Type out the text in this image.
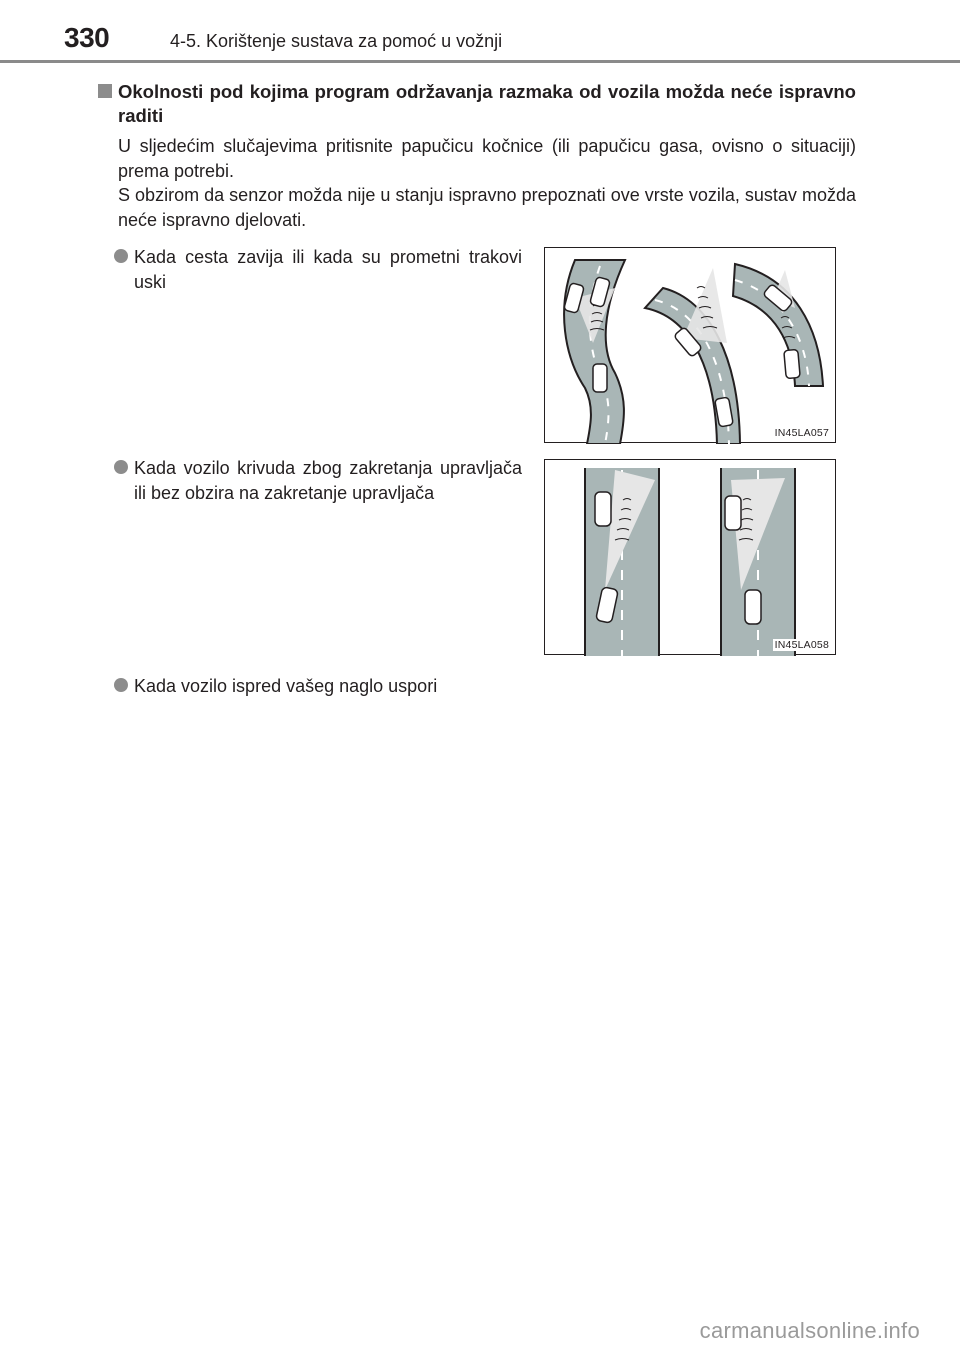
330	4-5. Korištenje sustava za pomoć u vožnji
Okolnosti pod kojima program održavanja razmaka od vozila možda neće ispravno raditi

U sljedećim slučajevima pritisnite papučicu kočnice (ili papučicu gasa, ovisno o situaciji) prema potrebi.

S obzirom da senzor možda nije u stanju ispravno prepoznati ove vrste vozila, sustav možda neće ispravno djelovati.

Kada cesta zavija ili kada su prometni trakovi uski
IN45LA057
Kada vozilo krivuda zbog zakretanja upravljača ili bez obzira na zakretanje upravljača
IN45LA058
Kada vozilo ispred vašeg naglo uspori
carmanualsonline.info
